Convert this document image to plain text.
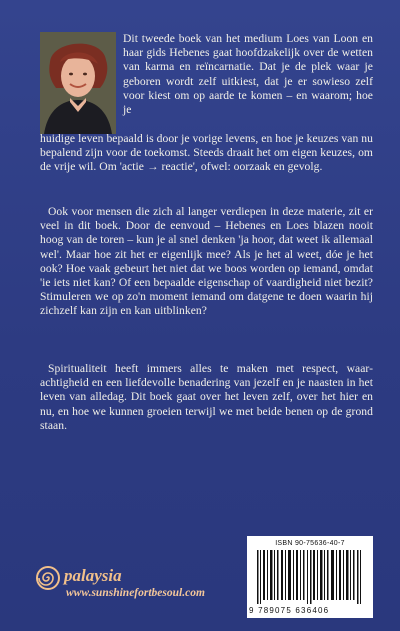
Dit tweede boek van het medium Loes van Loon en haar gids Hebenes gaat hoofdzakelijk over de wetten van karma en reïncarnatie. Dat je de plek waar je geboren wordt zelf uitkiest, dat je er sowieso zelf voor kiest om op aarde te komen – en waarom; hoe je
huidige leven bepaald is door je vorige levens, en hoe je keuzes van nu bepalend zijn voor de toekomst. Steeds draait het om eigen keuzes, om de vrije wil. Om 'actie → reactie', ofwel: oorzaak en gevolg.
Ook voor mensen die zich al langer verdiepen in deze materie, zit er veel in dit boek. Door de eenvoud – Hebenes en Loes blazen nooit hoog van de toren – kun je al snel denken 'ja hoor, dat weet ik allemaal wel'. Maar hoe zit het er eigenlijk mee? Als je het al weet, dóe je het ook? Hoe vaak gebeurt het niet dat we boos worden op iemand, omdat 'ie iets niet kan? Of een bepaalde eigenschap of vaardigheid niet bezit? Stimuleren we op zo'n moment iemand om datgene te doen waarin hij zichzelf kan zijn en kan uitblinken?
Spiritualiteit heeft immers alles te maken met respect, waar-achtigheid en een liefdevolle benadering van jezelf en je naasten in het leven van alledag. Dit boek gaat over het leven zelf, over het hier en nu, en hoe we kunnen groeien terwijl we met beide benen op de grond staan.
palaysia
www.sunshinefortbesoul.com
ISBN 90-75636-40-7
9 789075 636406
